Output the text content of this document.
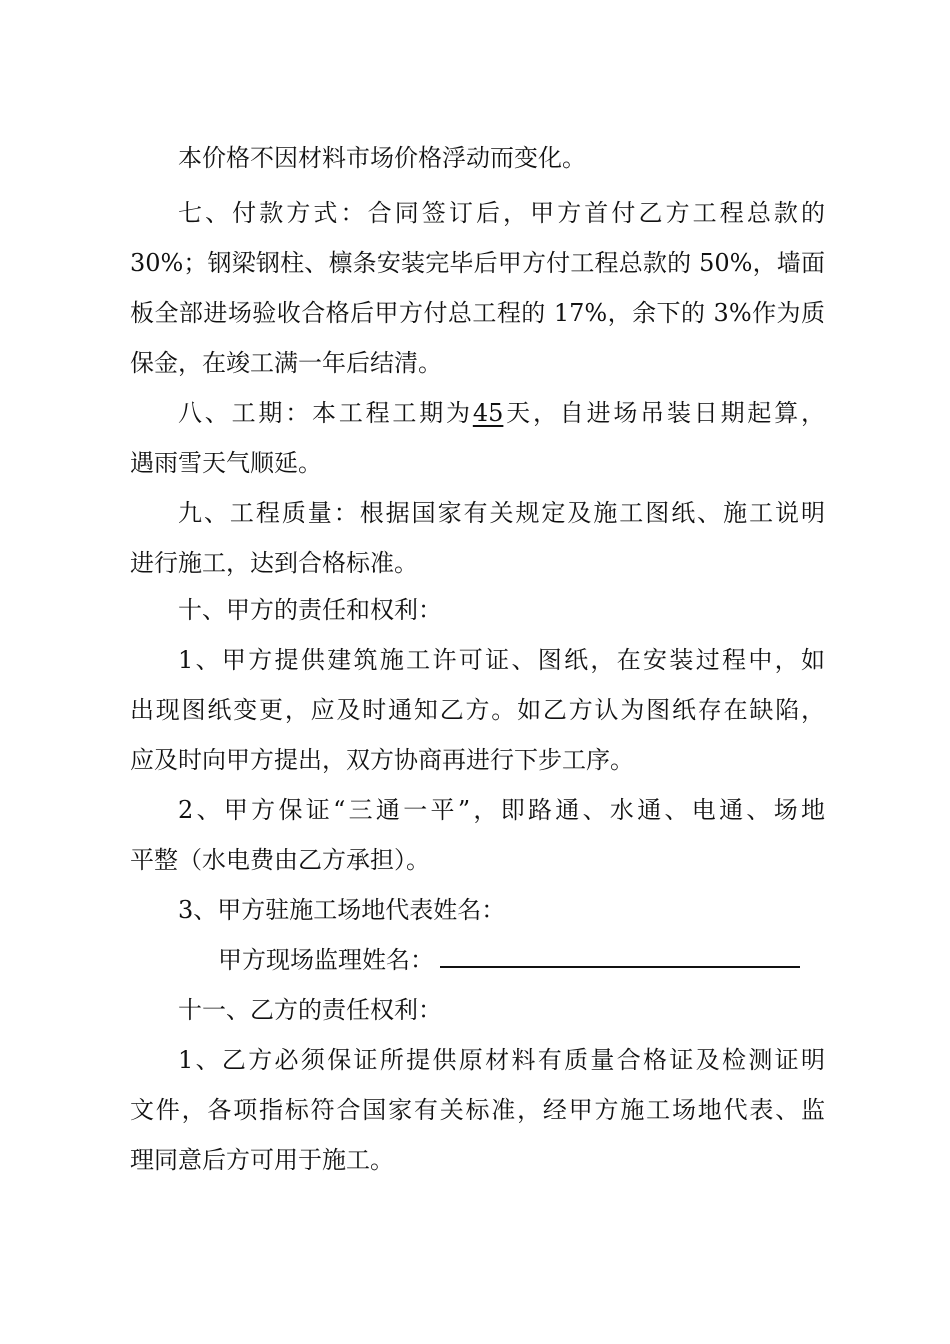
本价格不因材料市场价格浮动而变化。
七、付款方式：合同签订后，甲方首付乙方工程总款的
30%；钢梁钢柱、檩条安装完毕后甲方付工程总款的 50%，墙面
板全部进场验收合格后甲方付总工程的 17%，余下的 3%作为质
保金，在竣工满一年后结清。
八、工期：本工程工期为45天，自进场吊装日期起算，
遇雨雪天气顺延。
九、工程质量：根据国家有关规定及施工图纸、施工说明
进行施工，达到合格标准。
十、甲方的责任和权利：
1、甲方提供建筑施工许可证、图纸，在安装过程中，如
出现图纸变更，应及时通知乙方。如乙方认为图纸存在缺陷，
应及时向甲方提出，双方协商再进行下步工序。
2、甲方保证“三通一平”，即路通、水通、电通、场地
平整（水电费由乙方承担）。
3、甲方驻施工场地代表姓名：
甲方现场监理姓名：
十一、乙方的责任权利：
1、乙方必须保证所提供原材料有质量合格证及检测证明
文件，各项指标符合国家有关标准，经甲方施工场地代表、监
理同意后方可用于施工。
